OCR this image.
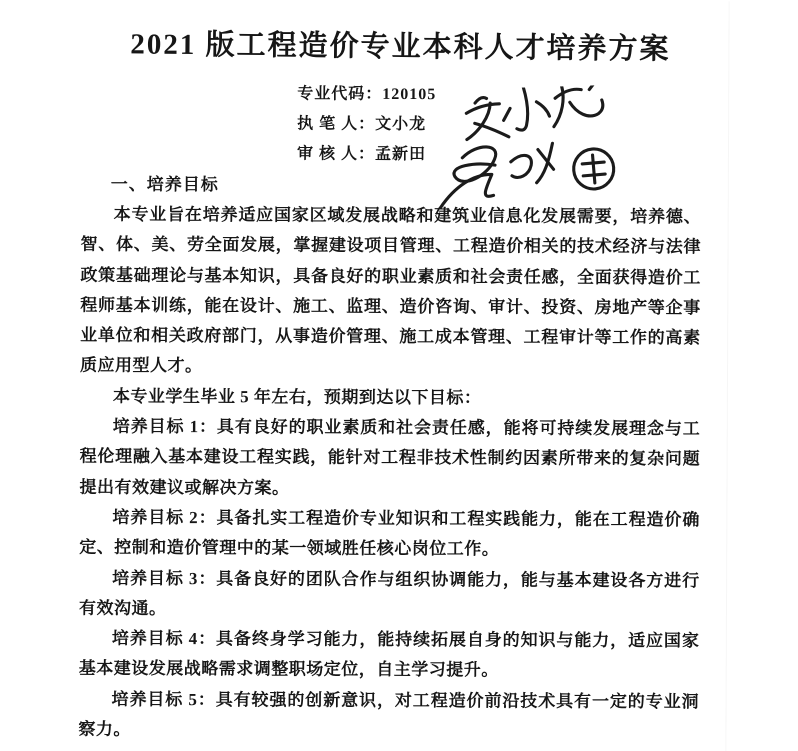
2021 版工程造价专业本科人才培养方案
专业代码：120105
执 笔 人：文小龙
审 核 人：孟新田
一、培养目标
本专业旨在培养适应国家区域发展战略和建筑业信息化发展需要，培养德、
智、体、美、劳全面发展，掌握建设项目管理、工程造价相关的技术经济与法律
政策基础理论与基本知识，具备良好的职业素质和社会责任感，全面获得造价工
程师基本训练，能在设计、施工、监理、造价咨询、审计、投资、房地产等企事
业单位和相关政府部门，从事造价管理、施工成本管理、工程审计等工作的高素
质应用型人才。
本专业学生毕业 5 年左右，预期到达以下目标：
培养目标 1：具有良好的职业素质和社会责任感，能将可持续发展理念与工
程伦理融入基本建设工程实践，能针对工程非技术性制约因素所带来的复杂问题
提出有效建议或解决方案。
培养目标 2：具备扎实工程造价专业知识和工程实践能力，能在工程造价确
定、控制和造价管理中的某一领域胜任核心岗位工作。
培养目标 3：具备良好的团队合作与组织协调能力，能与基本建设各方进行
有效沟通。
培养目标 4：具备终身学习能力，能持续拓展自身的知识与能力，适应国家
基本建设发展战略需求调整职场定位，自主学习提升。
培养目标 5：具有较强的创新意识，对工程造价前沿技术具有一定的专业洞
察力。
